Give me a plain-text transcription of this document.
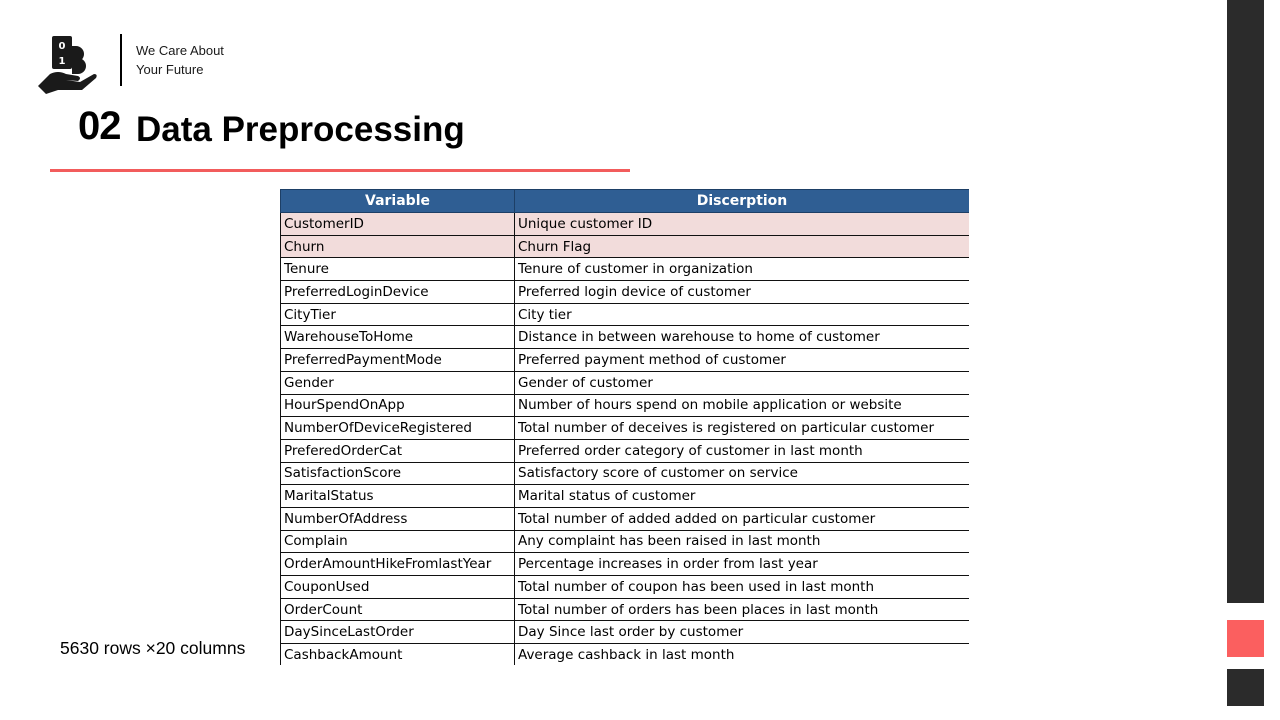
0
1
We Care About
Your Future
02 Data Preprocessing
Variable	Discerption
CustomerID	Unique customer ID
Churn	Churn Flag
Tenure	Tenure of customer in organization
PreferredLoginDevice	Preferred login device of customer
CityTier	City tier
WarehouseToHome	Distance in between warehouse to home of customer
PreferredPaymentMode	Preferred payment method of customer
Gender	Gender of customer
HourSpendOnApp	Number of hours spend on mobile application or website
NumberOfDeviceRegistered	Total number of deceives is registered on particular customer
PreferedOrderCat	Preferred order category of customer in last month
SatisfactionScore	Satisfactory score of customer on service
MaritalStatus	Marital status of customer
NumberOfAddress	Total number of added added on particular customer
Complain	Any complaint has been raised in last month
OrderAmountHikeFromlastYear	Percentage increases in order from last year
CouponUsed	Total number of coupon has been used in last month
OrderCount	Total number of orders has been places in last month
DaySinceLastOrder	Day Since last order by customer
CashbackAmount	Average cashback in last month
5630 rows ×20 columns
